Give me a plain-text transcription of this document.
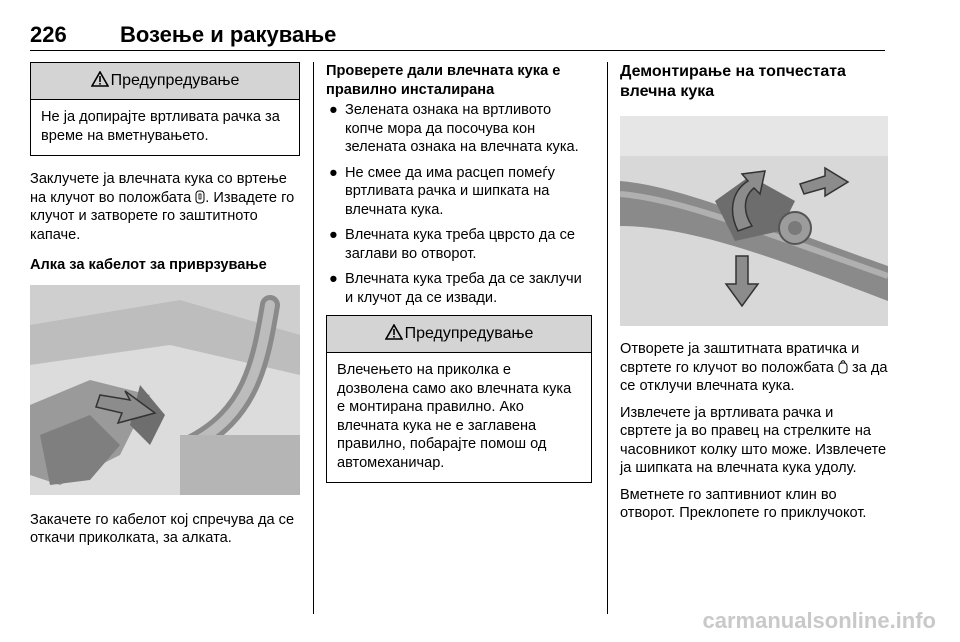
226 Возење и ракување
Предупредување
Не ја допирајте вртливата рачка за време на вметнувањето.

Заклучете ја влечната кука со вртење на клучот во положбата . Извадете го клучот и затворете го заштитното капаче.

Алка за кабелот за приврзување

Закачете го кабелот кој спречува да се откачи приколката, за алката.

Проверете дали влечната кука е правилно инсталирана

● Зелената ознака на вртливото копче мора да посочува кон зелената ознака на влечната кука.
● Не смее да има расцеп помеѓу вртливата рачка и шипката на влечната кука.
● Влечната кука треба цврсто да се заглави во отворот.
● Влечната кука треба да се заклучи и клучот да се извади.
Предупредување
Влечењето на приколка е дозволена само ако влечната кука е монтирана правилно. Ако влечната кука не е заглавена правилно, побарајте помош од автомеханичар.

Демонтирање на топчестата влечна кука

Отворете ја заштитната вратичка и свртете го клучот во положбата за да се отклучи влечната кука.

Извлечете ја вртливата рачка и свртете ја во правец на стрелките на часовникот колку што може. Извлечете ја шипката на влечната кука удолу.

Вметнете го заптивниот клин во отворот. Преклопете го приклучокот.

carmanualsonline.info
